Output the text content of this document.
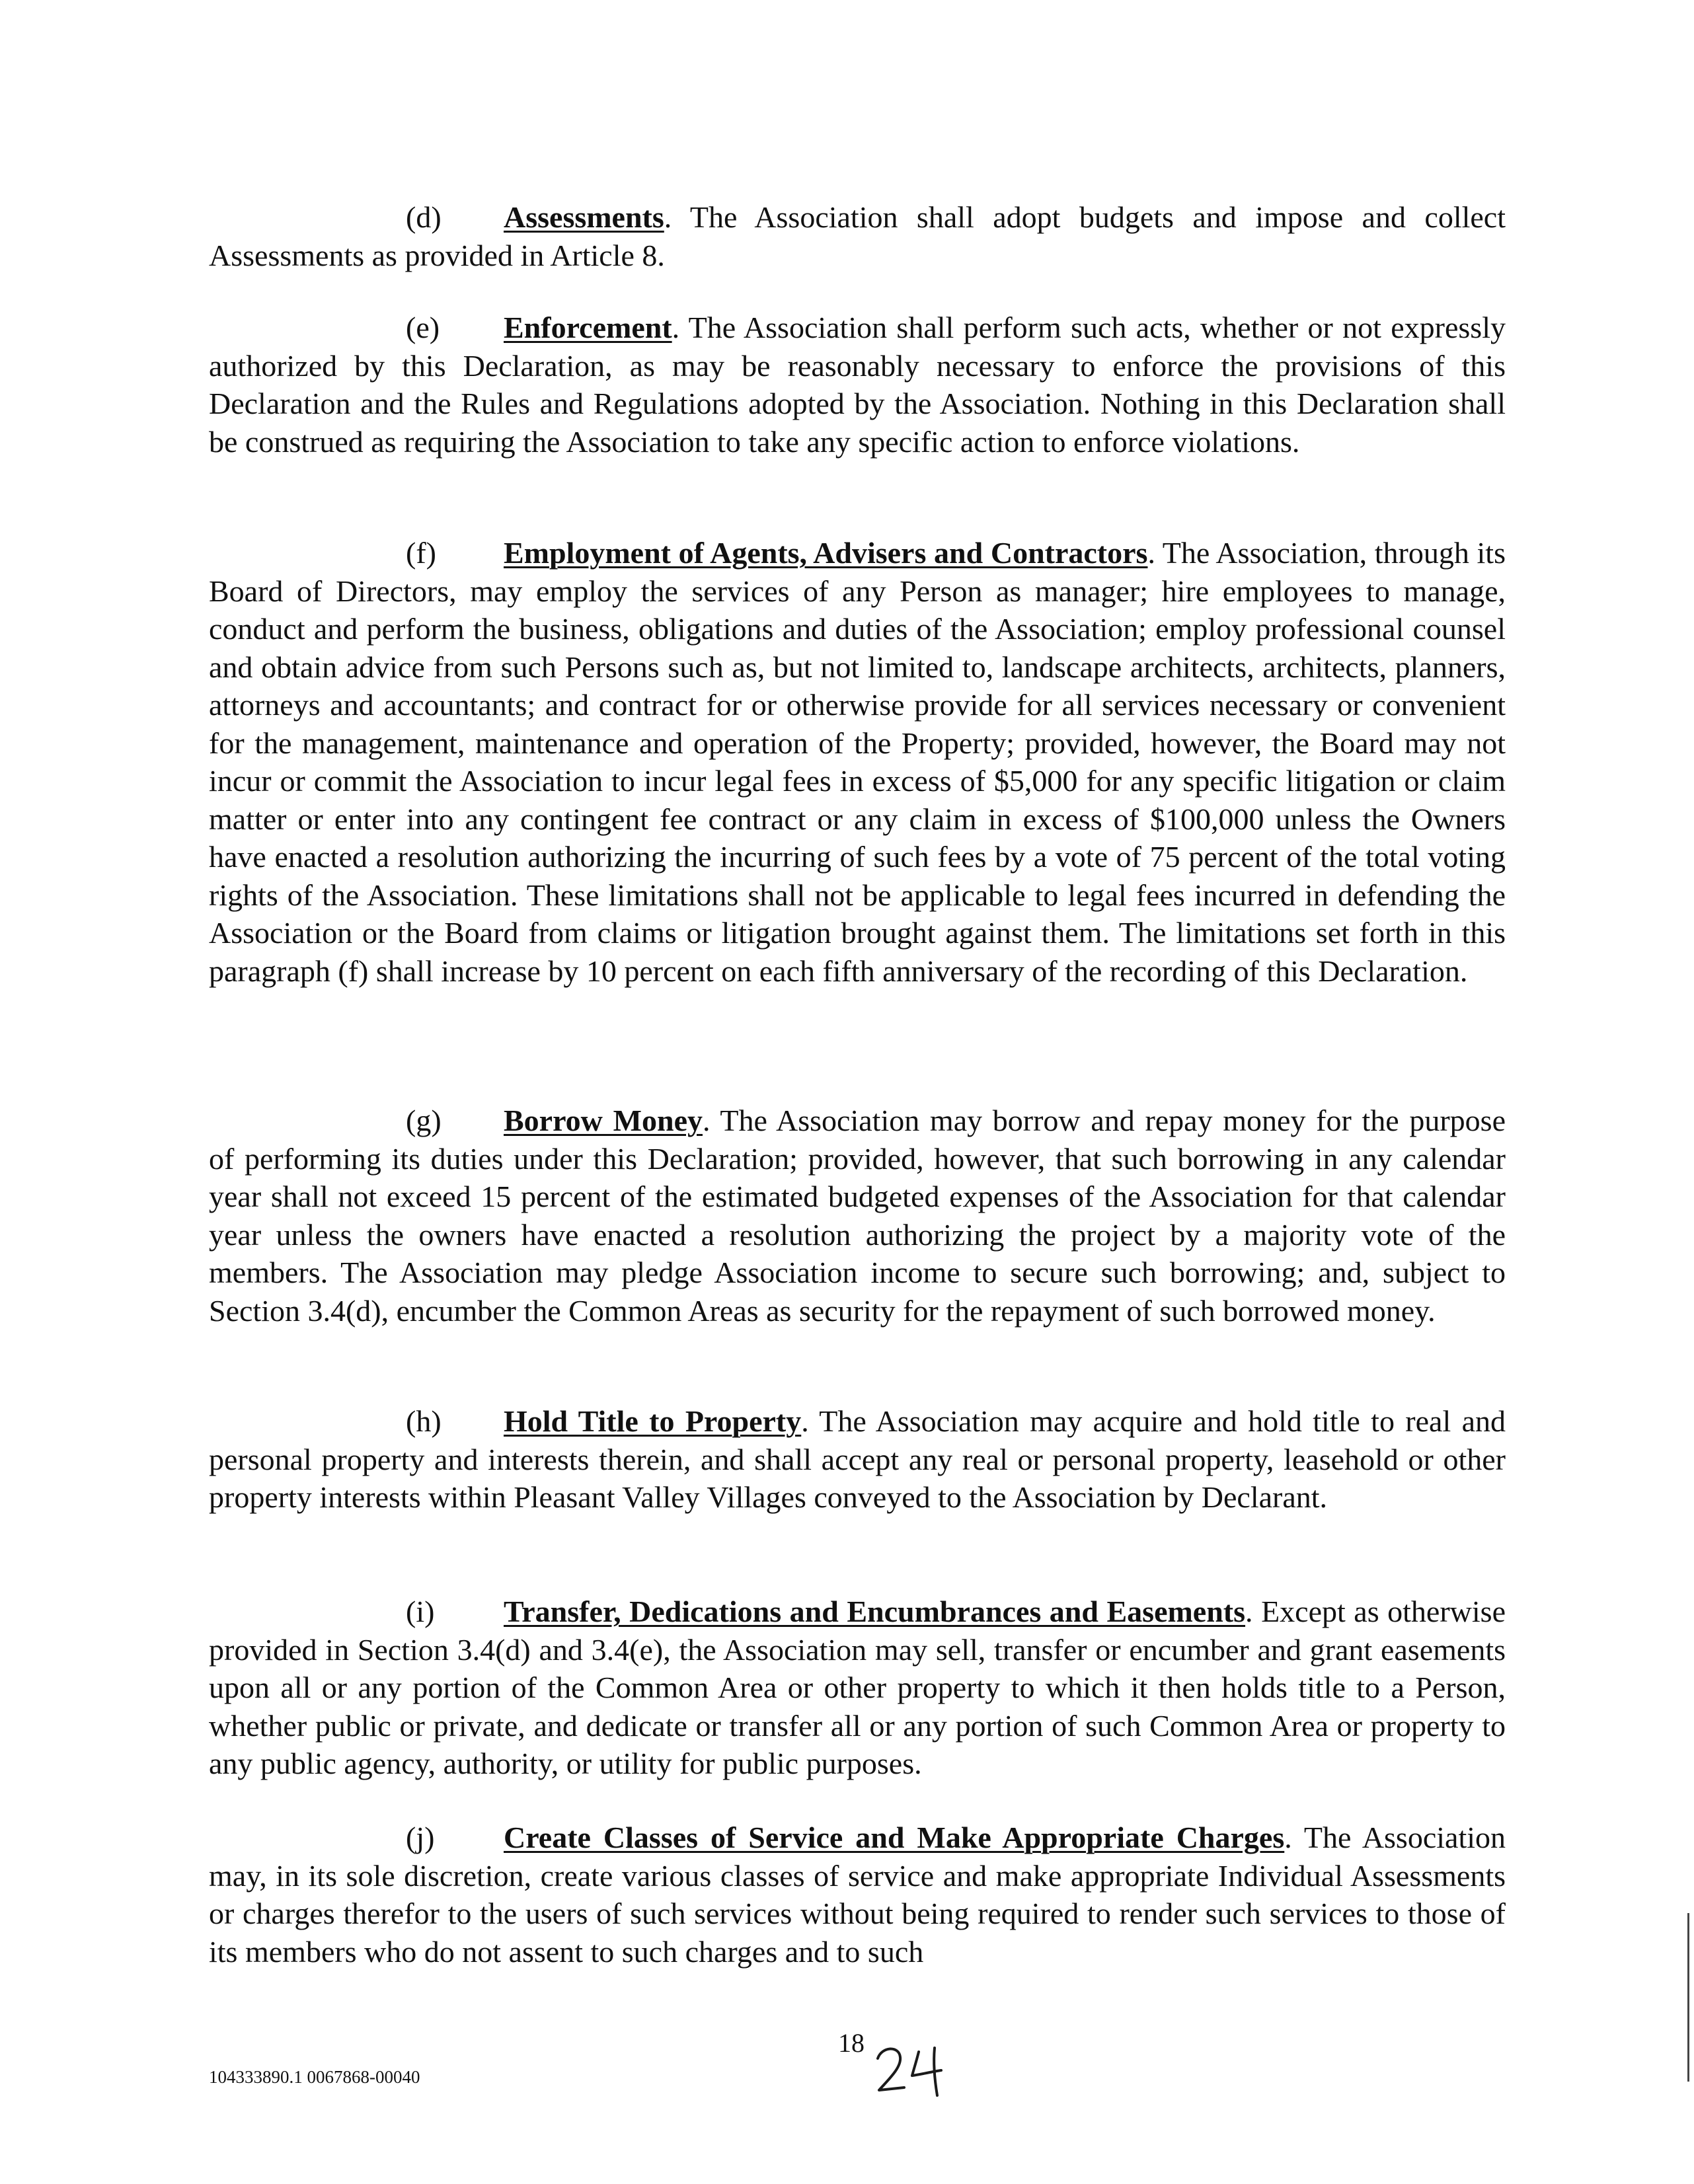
(d) Assessments. The Association shall adopt budgets and impose and collect Assessments as provided in Article 8.

(e) Enforcement. The Association shall perform such acts, whether or not expressly authorized by this Declaration, as may be reasonably necessary to enforce the provisions of this Declaration and the Rules and Regulations adopted by the Association. Nothing in this Declaration shall be construed as requiring the Association to take any specific action to enforce violations.

(f) Employment of Agents, Advisers and Contractors. The Association, through its Board of Directors, may employ the services of any Person as manager; hire employees to manage, conduct and perform the business, obligations and duties of the Association; employ professional counsel and obtain advice from such Persons such as, but not limited to, landscape architects, architects, planners, attorneys and accountants; and contract for or otherwise provide for all services necessary or convenient for the management, maintenance and operation of the Property; provided, however, the Board may not incur or commit the Association to incur legal fees in excess of $5,000 for any specific litigation or claim matter or enter into any contingent fee contract or any claim in excess of $100,000 unless the Owners have enacted a resolution authorizing the incurring of such fees by a vote of 75 percent of the total voting rights of the Association. These limitations shall not be applicable to legal fees incurred in defending the Association or the Board from claims or litigation brought against them. The limitations set forth in this paragraph (f) shall increase by 10 percent on each fifth anniversary of the recording of this Declaration.

(g) Borrow Money. The Association may borrow and repay money for the purpose of performing its duties under this Declaration; provided, however, that such borrowing in any calendar year shall not exceed 15 percent of the estimated budgeted expenses of the Association for that calendar year unless the owners have enacted a resolution authorizing the project by a majority vote of the members. The Association may pledge Association income to secure such borrowing; and, subject to Section 3.4(d), encumber the Common Areas as security for the repayment of such borrowed money.

(h) Hold Title to Property. The Association may acquire and hold title to real and personal property and interests therein, and shall accept any real or personal property, leasehold or other property interests within Pleasant Valley Villages conveyed to the Association by Declarant.

(i) Transfer, Dedications and Encumbrances and Easements. Except as otherwise provided in Section 3.4(d) and 3.4(e), the Association may sell, transfer or encumber and grant easements upon all or any portion of the Common Area or other property to which it then holds title to a Person, whether public or private, and dedicate or transfer all or any portion of such Common Area or property to any public agency, authority, or utility for public purposes.

(j) Create Classes of Service and Make Appropriate Charges. The Association may, in its sole discretion, create various classes of service and make appropriate Individual Assessments or charges therefor to the users of such services without being required to render such services to those of its members who do not assent to such charges and to such

18
104333890.1 0067868-00040
